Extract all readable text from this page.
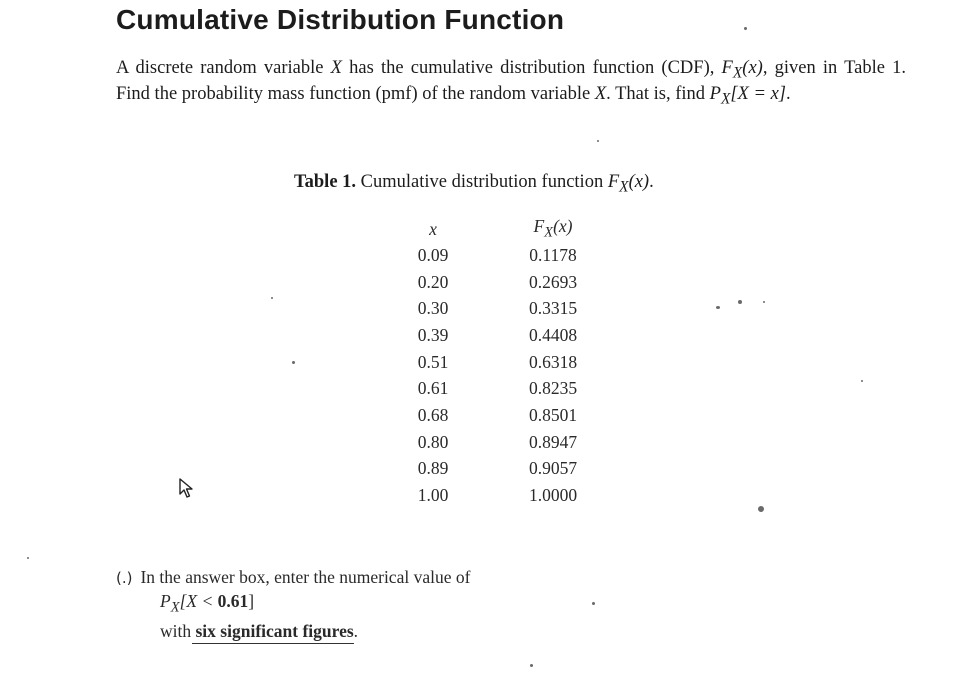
Cumulative Distribution Function

A discrete random variable X has the cumulative distribution function (CDF), $F_X(x)$, given in Table 1. Find the probability mass function (pmf) of the random variable X. That is, find $P_X[X = x]$.

Table 1. Cumulative distribution function $F_X(x)$.

x	$F_X(x)$
0.09	0.1178
0.20	0.2693
0.30	0.3315
0.39	0.4408
0.51	0.6318
0.61	0.8235
0.68	0.8501
0.80	0.8947
0.89	0.9057
1.00	1.0000
(.) In the answer box, enter the numerical value of
$P_X[X < 0.61]$
with six significant figures.
